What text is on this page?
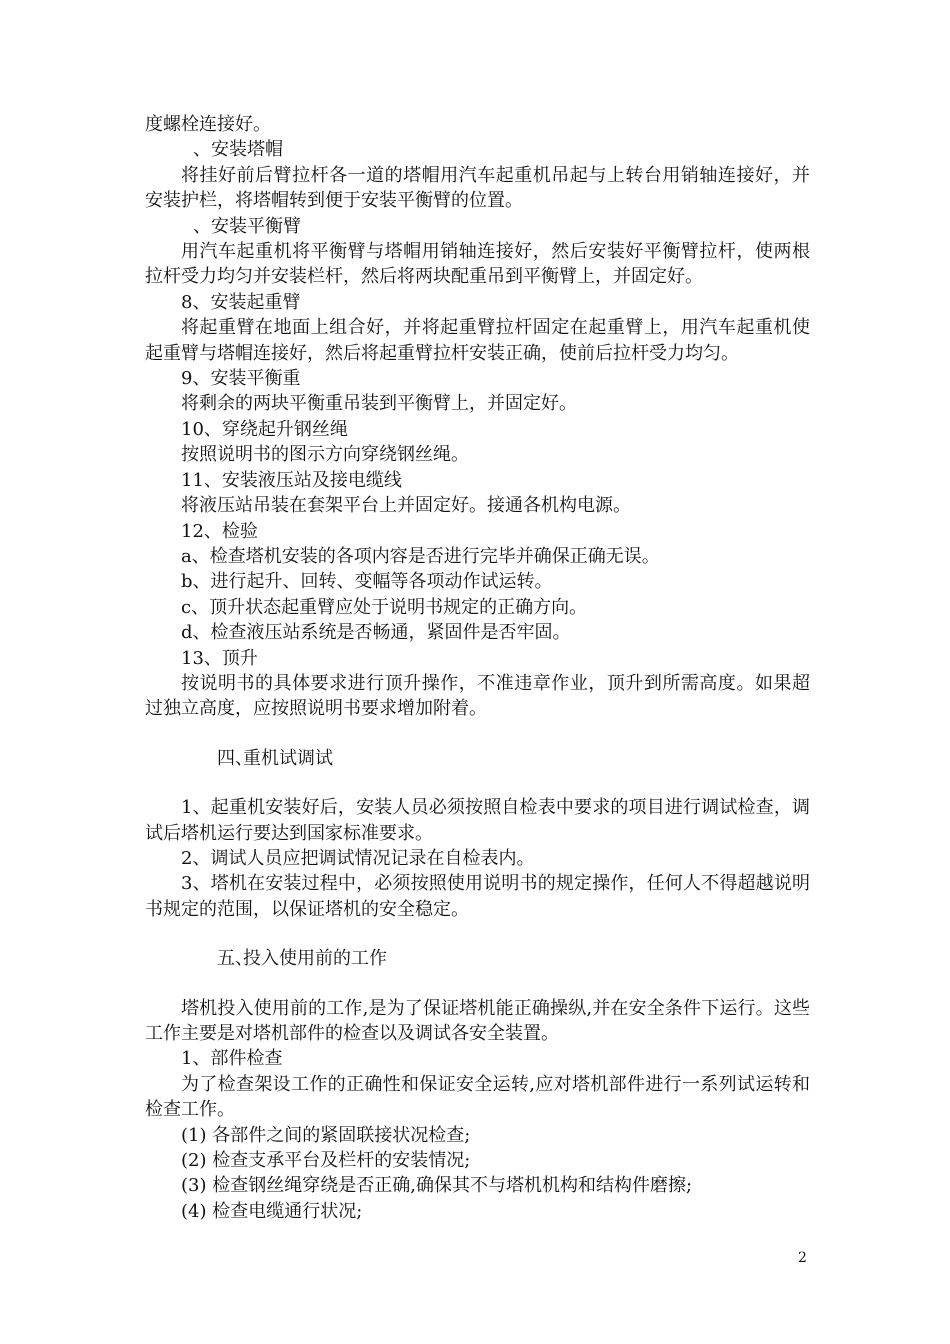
度螺栓连接好。

、安装塔帽

将挂好前后臂拉杆各一道的塔帽用汽车起重机吊起与上转台用销轴连接好，并安装护栏，将塔帽转到便于安装平衡臂的位置。

、安装平衡臂

用汽车起重机将平衡臂与塔帽用销轴连接好，然后安装好平衡臂拉杆，使两根拉杆受力均匀并安装栏杆，然后将两块配重吊到平衡臂上，并固定好。

8、安装起重臂

将起重臂在地面上组合好，并将起重臂拉杆固定在起重臂上，用汽车起重机使起重臂与塔帽连接好，然后将起重臂拉杆安装正确，使前后拉杆受力均匀。

9、安装平衡重

将剩余的两块平衡重吊装到平衡臂上，并固定好。

10、穿绕起升钢丝绳

按照说明书的图示方向穿绕钢丝绳。

11、安装液压站及接电缆线

将液压站吊装在套架平台上并固定好。接通各机构电源。

12、检验

a、检查塔机安装的各项内容是否进行完毕并确保正确无误。

b、进行起升、回转、变幅等各项动作试运转。

c、顶升状态起重臂应处于说明书规定的正确方向。

d、检查液压站系统是否畅通，紧固件是否牢固。

13、顶升

按说明书的具体要求进行顶升操作，不准违章作业，顶升到所需高度。如果超过独立高度，应按照说明书要求增加附着。

四、重机试调试

1、起重机安装好后，安装人员必须按照自检表中要求的项目进行调试检查，调试后塔机运行要达到国家标准要求。

2、调试人员应把调试情况记录在自检表内。

3、塔机在安装过程中，必须按照使用说明书的规定操作，任何人不得超越说明书规定的范围，以保证塔机的安全稳定。

五、投入使用前的工作

塔机投入使用前的工作,是为了保证塔机能正确操纵,并在安全条件下运行。这些工作主要是对塔机部件的检查以及调试各安全装置。

1、部件检查

为了检查架设工作的正确性和保证安全运转,应对塔机部件进行一系列试运转和检查工作。

(1) 各部件之间的紧固联接状况检查;

(2) 检查支承平台及栏杆的安装情况;

(3) 检查钢丝绳穿绕是否正确,确保其不与塔机机构和结构件磨擦;

(4) 检查电缆通行状况;

2
